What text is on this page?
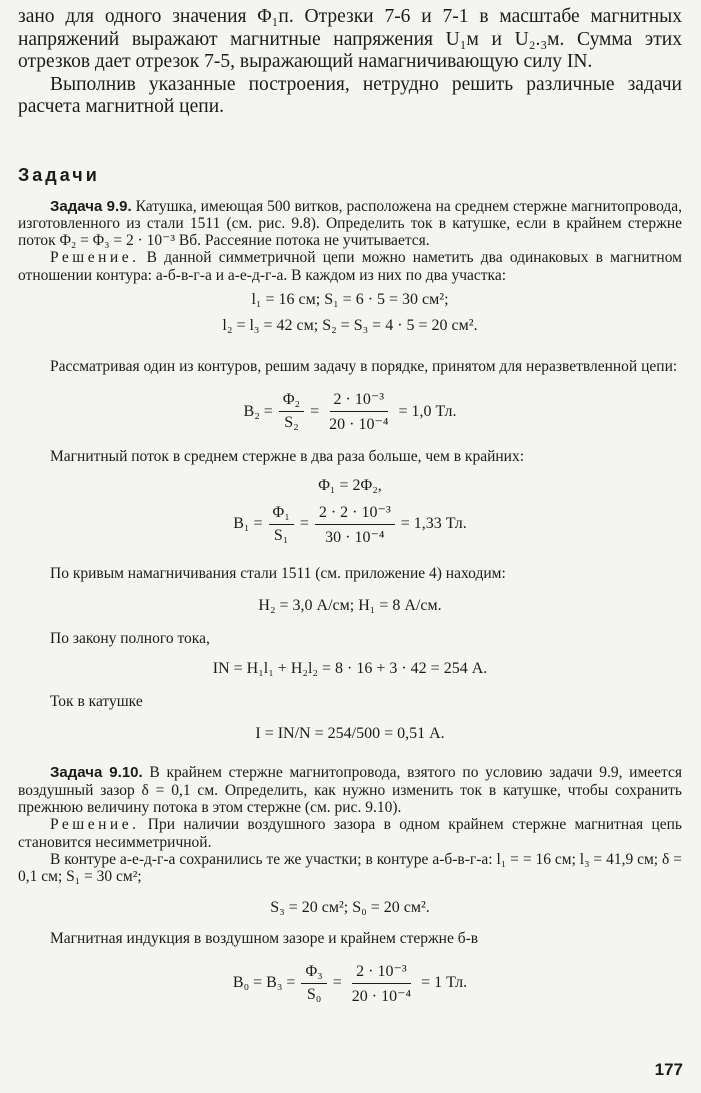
зано для одного значения Φ₁п. Отрезки 7-6 и 7-1 в масштабе магнитных напряжений выражают магнитные напряжения U₁м и U₂.₃м. Сумма этих отрезков дает отрезок 7-5, выражающий намагничивающую силу IN.

Выполнив указанные построения, нетрудно решить различные задачи расчета магнитной цепи.

Задачи

Задача 9.9. Катушка, имеющая 500 витков, расположена на среднем стержне магнитопровода, изготовленного из стали 1511 (см. рис. 9.8). Определить ток в катушке, если в крайнем стержне поток Φ₂ = Φ₃ = 2 · 10⁻³ Вб. Рассеяние потока не учитывается.

Решение. В данной симметричной цепи можно наметить два одинаковых в магнитном отношении контура: а-б-в-г-а и а-е-д-г-а. В каждом из них по два участка:

l₁ = 16 см; S₁ = 6 · 5 = 30 см²;

l₂ = l₃ = 42 см; S₂ = S₃ = 4 · 5 = 20 см².

Рассматривая один из контуров, решим задачу в порядке, принятом для неразветвленной цепи:

$B_2 = \frac{\text{Φ₂}}{\text{S₂}} = \frac{\text{2 · 10⁻³}}{\text{20 · 10⁻⁴}} = 1,0$ Тл.

Магнитный поток в среднем стержне в два раза больше, чем в крайних:

Φ₁ = 2Φ₂,

$B_1 = \frac{\text{Φ₁}}{\text{S₁}} = \frac{\text{2 · 2 · 10⁻³}}{\text{30 · 10⁻⁴}} = 1,33$ Тл.

По кривым намагничивания стали 1511 (см. приложение 4) находим:

H₂ = 3,0 А/см; H₁ = 8 А/см.

По закону полного тока,

IN = H₁l₁ + H₂l₂ = 8 · 16 + 3 · 42 = 254 А.

Ток в катушке

I = IN/N = 254/500 = 0,51 А.

Задача 9.10. В крайнем стержне магнитопровода, взятого по условию задачи 9.9, имеется воздушный зазор δ = 0,1 см. Определить, как нужно изменить ток в катушке, чтобы сохранить прежнюю величину потока в этом стержне (см. рис. 9.10).

Решение. При наличии воздушного зазора в одном крайнем стержне магнитная цепь становится несимметричной.

В контуре а-е-д-г-а сохранились те же участки; в контуре а-б-в-г-а: l₁ = = 16 см; l₃ = 41,9 см; δ = 0,1 см; S₁ = 30 см²;

S₃ = 20 см²; S₀ = 20 см².

Магнитная индукция в воздушном зазоре и крайнем стержне б-в

$B_0 = B_3 = \frac{\text{Φ₃}}{\text{S₀}} = \frac{\text{2 · 10⁻³}}{\text{20 · 10⁻⁴}} = 1$ Тл.
177
